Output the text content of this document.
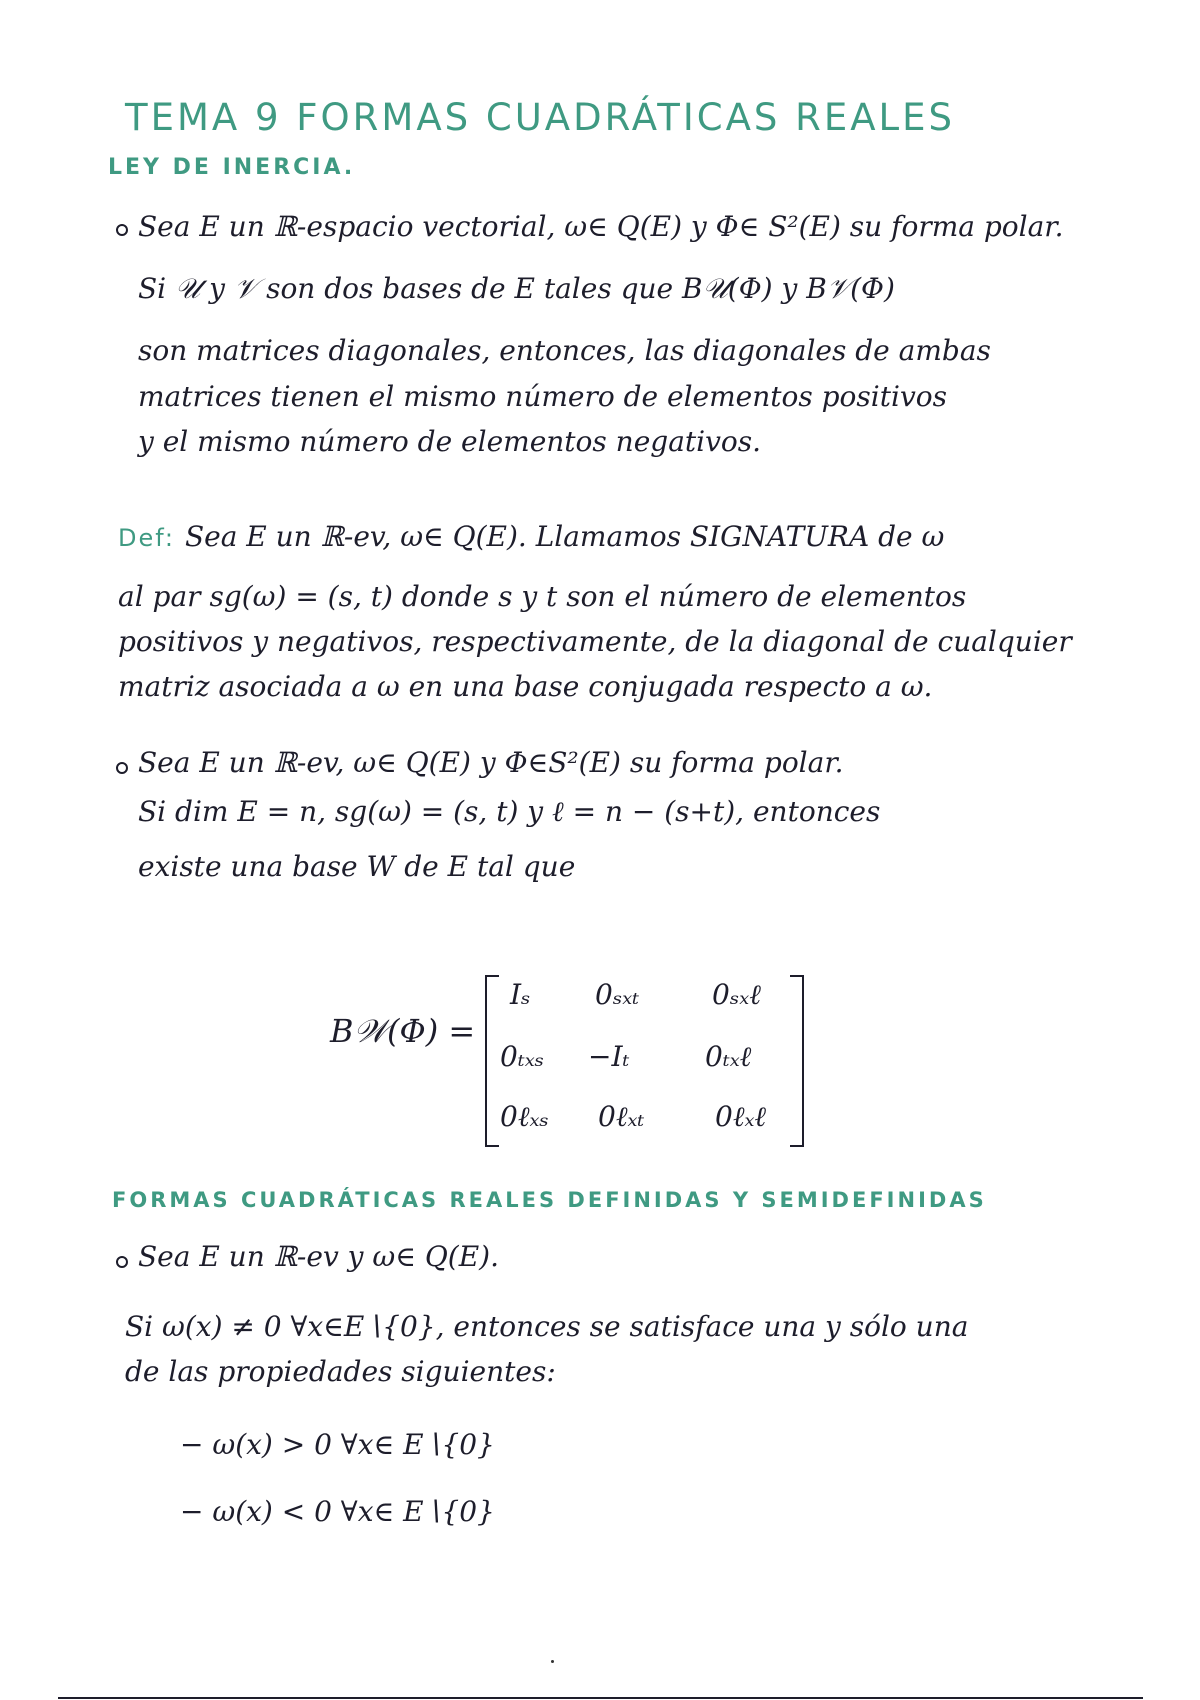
TEMA 9 FORMAS CUADRÁTICAS REALES
LEY DE INERCIA.
Sea E un ℝ-espacio vectorial, ω∈ Q(E) y Φ∈ S²(E) su forma polar.
Si 𝒰 y 𝒱 son dos bases de E tales que B𝒰(Φ) y B𝒱(Φ)
son matrices diagonales, entonces, las diagonales de ambas
matrices tienen el mismo número de elementos positivos
y el mismo número de elementos negativos.
Def: Sea E un ℝ-ev, ω∈ Q(E). Llamamos SIGNATURA de ω
al par sg(ω) = (s, t) donde s y t son el número de elementos
positivos y negativos, respectivamente, de la diagonal de cualquier
matriz asociada a ω en una base conjugada respecto a ω.
Sea E un ℝ-ev, ω∈ Q(E) y Φ∈S²(E) su forma polar.
Si dim E = n, sg(ω) = (s, t) y ℓ = n − (s+t), entonces
existe una base W de E tal que
B𝒲(Φ) =
Iₛ 0ₛₓₜ	0ₛₓℓ
0ₜₓₛ −Iₜ	0ₜₓℓ
0ℓₓₛ 0ℓₓₜ	0ℓₓℓ
FORMAS CUADRÁTICAS REALES DEFINIDAS Y SEMIDEFINIDAS
Sea E un ℝ-ev y ω∈ Q(E).
Si ω(x) ≠ 0 ∀x∈E∖{0}, entonces se satisface una y sólo una
de las propiedades siguientes:
− ω(x) > 0 ∀x∈ E∖{0}
− ω(x) < 0 ∀x∈ E∖{0}
